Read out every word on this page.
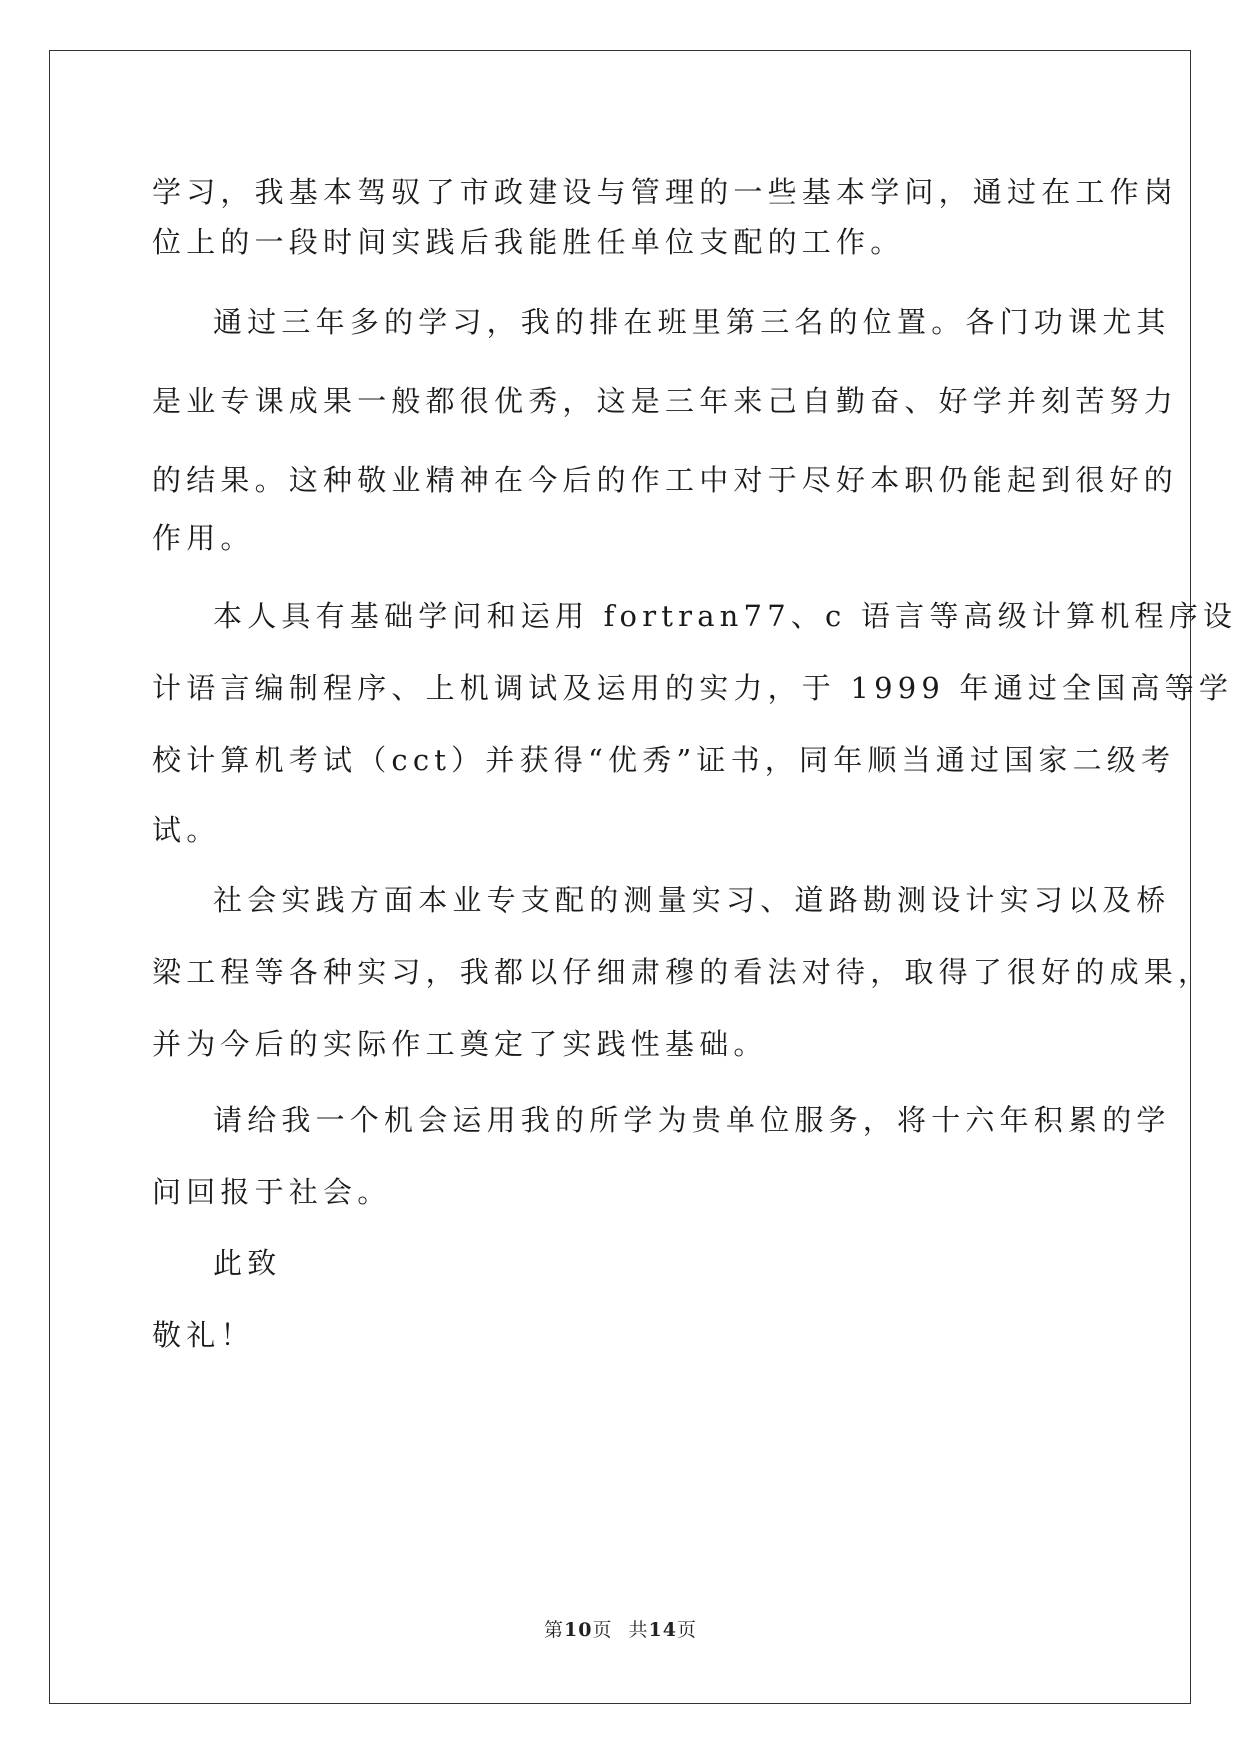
学习，我基本驾驭了市政建设与管理的一些基本学问，通过在工作岗
位上的一段时间实践后我能胜任单位支配的工作。
通过三年多的学习，我的排在班里第三名的位置。各门功课尤其
是业专课成果一般都很优秀，这是三年来己自勤奋、好学并刻苦努力
的结果。这种敬业精神在今后的作工中对于尽好本职仍能起到很好的
作用。
本人具有基础学问和运用 fortran77、c 语言等高级计算机程序设
计语言编制程序、上机调试及运用的实力，于 1999 年通过全国高等学
校计算机考试（cct）并获得“优秀”证书，同年顺当通过国家二级考
试。
社会实践方面本业专支配的测量实习、道路勘测设计实习以及桥
梁工程等各种实习，我都以仔细肃穆的看法对待，取得了很好的成果，
并为今后的实际作工奠定了实践性基础。
请给我一个机会运用我的所学为贵单位服务，将十六年积累的学
问回报于社会。
此致
敬礼！
第10页 共14页
